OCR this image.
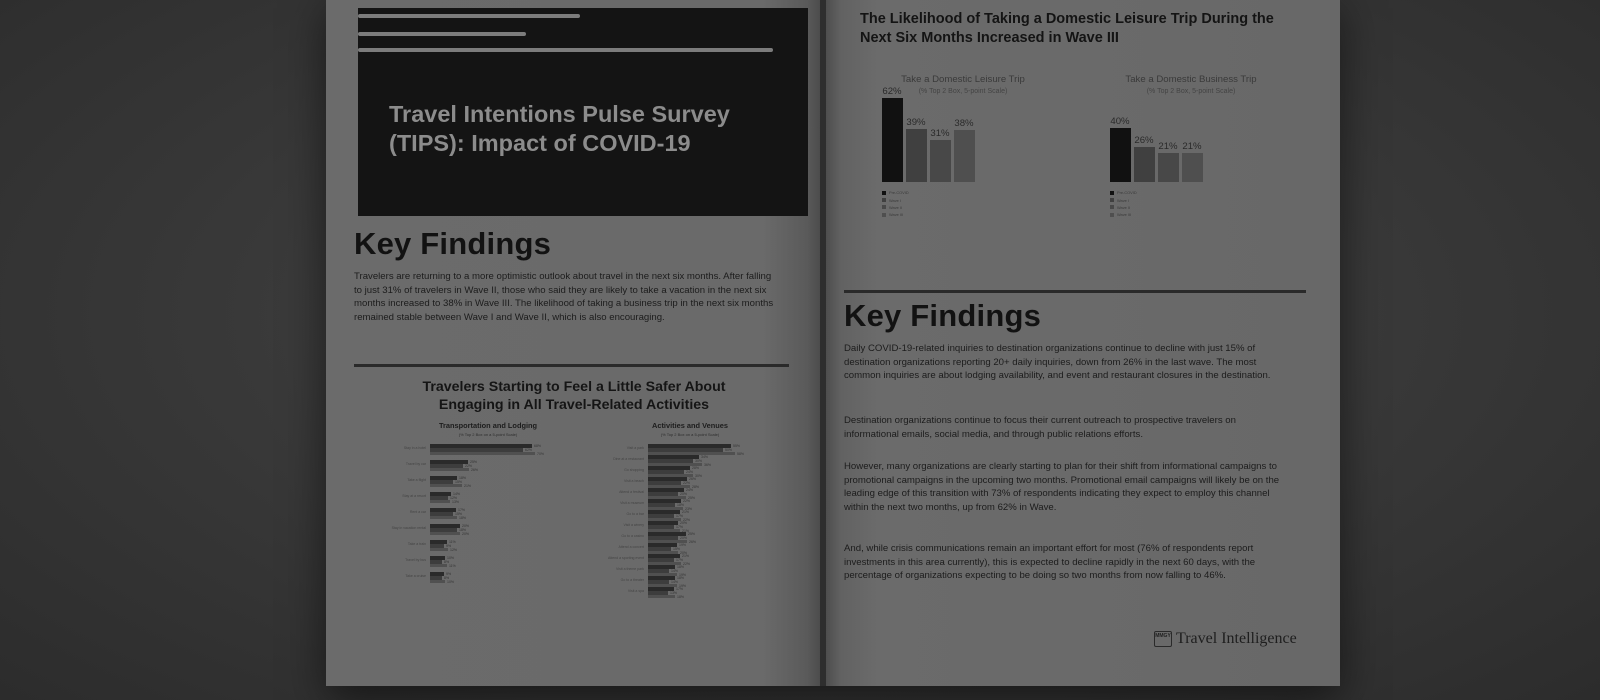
Travel Intentions Pulse Survey (TIPS): Impact of COVID-19
Key Findings
Travelers are returning to a more optimistic outlook about travel in the next six months. After falling to just 31% of travelers in Wave II, those who said they are likely to take a vacation in the next six months increased to 38% in Wave III. The likelihood of taking a business trip in the next six months remained stable between Wave I and Wave II, which is also encouraging.
Travelers Starting to Feel a Little Safer About Engaging in All Travel-Related Activities
Transportation and Lodging
(% Top 2 Box on a 5-point Scale)
Activities and Venues
(% Top 2 Box on a 5-point Scale)
Stay in a hotel
68%
62%
70%
Travel by car
25%
22%
26%
Take a flight
18%
15%
21%
Stay at a resort
14%
12%
13%
Rent a car
17%
15%
18%
Stay in vacation rental
20%
18%
20%
Take a train
11%
9%
12%
Travel by bus
10%
8%
11%
Take a cruise
9%
8%
10%
Visit a park
55%
50%
58%
Dine at a restaurant
34%
30%
36%
Go shopping
28%
24%
30%
Visit a beach
26%
22%
28%
Attend a festival
24%
20%
25%
Visit a museum
22%
18%
23%
Go to a bar
21%
17%
22%
Visit a winery
20%
17%
21%
Go to a casino
25%
20%
26%
Attend a concert
19%
15%
20%
Attend a sporting event
21%
17%
22%
Visit a theme park
18%
14%
19%
Go to a theater
18%
14%
19%
Visit a spa
17%
13%
18%
The Likelihood of Taking a Domestic Leisure Trip During the Next Six Months Increased in Wave III
Take a Domestic Leisure Trip
(% Top 2 Box, 5-point Scale)
62%
39%
31%
38%
Pre-COVID
Wave I
Wave II
Wave III
Take a Domestic Business Trip
(% Top 2 Box, 5-point Scale)
40%
26%
21% 21%
Pre-COVID
Wave I
Wave II
Wave III
Key Findings
Daily COVID-19-related inquiries to destination organizations continue to decline with just 15% of destination organizations reporting 20+ daily inquiries, down from 26% in the last wave. The most common inquiries are about lodging availability, and event and restaurant closures in the destination.
Destination organizations continue to focus their current outreach to prospective travelers on informational emails, social media, and through public relations efforts.
However, many organizations are clearly starting to plan for their shift from informational campaigns to promotional campaigns in the upcoming two months. Promotional email campaigns will likely be on the leading edge of this transition with 73% of respondents indicating they expect to employ this channel within the next two months, up from 62% in Wave.
And, while crisis communications remain an important effort for most (76% of respondents report investments in this area currently), this is expected to decline rapidly in the next 60 days, with the percentage of organizations expecting to be doing so two months from now falling to 46%.
MMGY Travel Intelligence
